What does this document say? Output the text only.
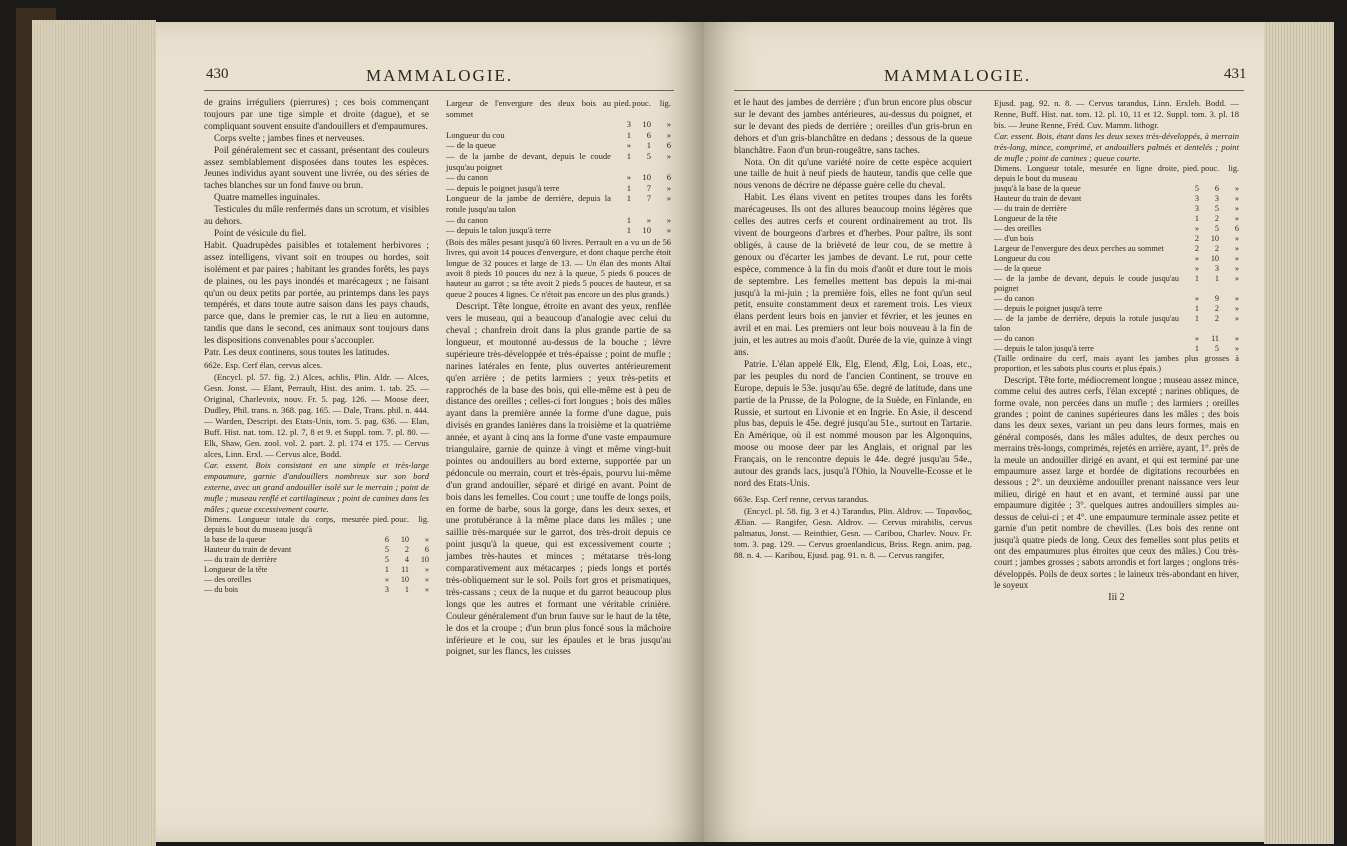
430	MAMMALOGIE.

de grains irréguliers (pierrures) ; ces bois commençant toujours par une tige simple et droite (dague), et se compliquant souvent ensuite d'andouillers et d'empaumures.

Corps svelte ; jambes fines et nerveuses.

Poil généralement sec et cassant, présentant des couleurs assez semblablement disposées dans toutes les espèces. Jeunes individus ayant souvent une livrée, ou des séries de taches blanches sur un fond fauve ou brun.

Quatre mamelles inguinales.

Testicules du mâle renfermés dans un scrotum, et visibles au dehors.

Point de vésicule du fiel.

Habit. Quadrupèdes paisibles et totalement herbivores ; assez intelligens, vivant soit en troupes ou hordes, soit isolément et par paires ; habitant les grandes forêts, les pays de plaines, ou les pays inondés et marécageux ; ne faisant qu'un ou deux petits par portée, au printemps dans les pays tempérés, et dans toute autre saison dans les pays chauds, parce que, dans le premier cas, le rut a lieu en automne, tandis que dans le second, ces animaux sont toujours dans les dispositions convenables pour s'accoupler.

Patr. Les deux continens, sous toutes les latitudes.

662e. Esp. Cerf élan, cervus alces.

(Encycl. pl. 57. fig. 2.) Alces, achlis, Plin. Aldr. — Alces, Gesn. Jonst. — Elant, Perrault, Hist. des anim. 1. tab. 25. — Original, Charlevoix, nouv. Fr. 5. pag. 126. — Moose deer, Dudley, Phil. trans. n. 368. pag. 165. — Dale, Trans. phil. n. 444. — Warden, Descript. des Etats-Unis, tom. 5. pag. 636. — Elan, Buff. Hist. nat. tom. 12. pl. 7, 8 et 9. et Suppl. tom. 7. pl. 80. — Elk, Shaw, Gen. zool. vol. 2. part. 2. pl. 174 et 175. — Cervus alces, Linn. Erxl. — Cervus alce, Bodd.

Car. essent. Bois consistant en une simple et très-large empaumure, garnie d'andouillers nombreux sur son bord externe, avec un grand andouiller isolé sur le merrain ; point de mufle ; museau renflé et cartilagineux ; point de canines dans les mâles ; queue excessivement courte.

Dimens. Longueur totale du corps, mesurée depuis le bout du museau jusqu'à	pied.	pouc.	lig.
la base de la queue	6	10	»
Hauteur du train de devant	5	2	6
— du train de derrière	5	4	10
Longueur de la tête	1	11	»
— des oreilles	»	10	»
— du bois	3	1	»
Largeur de l'envergure des deux bois au sommet	pied.	pouc.	lig.
	3	10	»
Longueur du cou	1	6	»
— de la queue	»	1	6
— de la jambe de devant, depuis le coude jusqu'au poignet	1	5	»
— du canon	»	10	6
— depuis le poignet jusqu'à terre	1	7	»
Longueur de la jambe de derrière, depuis la rotule jusqu'au talon	1	7	»
— du canon	1	»	»
— depuis le talon jusqu'à terre	1	10	»

(Bois des mâles pesant jusqu'à 60 livres. Perrault en a vu un de 56 livres, qui avoit 14 pouces d'envergure, et dont chaque perche étoit longue de 32 pouces et large de 13. — Un élan des monts Altaï avoit 8 pieds 10 pouces du nez à la queue, 5 pieds 6 pouces de hauteur au garrot ; sa tête avoit 2 pieds 5 pouces de hauteur, et sa queue 2 pouces 4 lignes. Ce n'étoit pas encore un des plus grands.)

Descript. Tête longue, étroite en avant des yeux, renflée vers le museau, qui a beaucoup d'analogie avec celui du cheval ; chanfrein droit dans la plus grande partie de sa longueur, et moutonné au-dessus de la bouche ; lèvre supérieure très-développée et très-épaisse ; point de mufle ; narines latérales en fente, plus ouvertes antérieurement qu'en arrière ; de petits larmiers ; yeux très-petits et rapprochés de la base des bois, qui elle-même est à peu de distance des oreilles ; celles-ci fort longues ; bois des mâles ayant dans la première année la forme d'une dague, puis divisés en grandes lanières dans la troisième et la quatrième année, et ayant à cinq ans la forme d'une vaste empaumure triangulaire, garnie de quinze à vingt et même vingt-huit pointes ou andouillers au bord externe, supportée par un pédoncule ou merrain, court et très-épais, pourvu lui-même d'un grand andouiller, séparé et dirigé en avant. Point de bois dans les femelles. Cou court ; une touffe de longs poils, en forme de barbe, sous la gorge, dans les deux sexes, et une protubérance à la même place dans les mâles ; une saillie très-marquée sur le garrot, dos très-droit depuis ce point jusqu'à la queue, qui est excessivement courte ; jambes très-hautes et minces ; métatarse très-long comparativement aux métacarpes ; pieds longs et portés très-obliquement sur le sol. Poils fort gros et prismatiques, très-cassans ; ceux de la nuque et du garrot beaucoup plus longs que les autres et formant une véritable crinière. Couleur généralement d'un brun fauve sur le haut de la tête, le dos et la croupe ; d'un brun plus foncé sous la mâchoire inférieure et le cou, sur les épaules et le bras jusqu'au poignet, sur les flancs, les cuisses

MAMMALOGIE.	431

et le haut des jambes de derrière ; d'un brun encore plus obscur sur le devant des jambes antérieures, au-dessus du poignet, et sur le devant des pieds de derrière ; oreilles d'un gris-brun en dehors et d'un gris-blanchâtre en dedans ; dessous de la queue blanchâtre. Faon d'un brun-rougeâtre, sans taches.

Nota. On dit qu'une variété noire de cette espèce acquiert une taille de huit à neuf pieds de hauteur, tandis que celle que nous venons de décrire ne dépasse guère celle du cheval.

Habit. Les élans vivent en petites troupes dans les forêts marécageuses. Ils ont des allures beaucoup moins légères que celles des autres cerfs et courent ordinairement au trot. Ils vivent de bourgeons d'arbres et d'herbes. Pour paître, ils sont obligés, à cause de la brièveté de leur cou, de se mettre à genoux ou d'écarter les jambes de devant. Le rut, pour cette espèce, commence à la fin du mois d'août et dure tout le mois de septembre. Les femelles mettent bas depuis la mi-mai jusqu'à la mi-juin ; la première fois, elles ne font qu'un seul petit, ensuite constamment deux et rarement trois. Les vieux élans perdent leurs bois en janvier et février, et les jeunes en avril et en mai. Les premiers ont leur bois nouveau à la fin de juin, et les autres au mois d'août. Durée de la vie, quinze à vingt ans.

Patrie. L'élan appelé Elk, Elg, Elend, Ælg, Loi, Loas, etc., par les peuples du nord de l'ancien Continent, se trouve en Europe, depuis le 53e. jusqu'au 65e. degré de latitude, dans une partie de la Prusse, de la Pologne, de la Suède, en Finlande, en Russie, et surtout en Livonie et en Ingrie. En Asie, il descend plus bas, depuis le 45e. degré jusqu'au 51e., surtout en Tartarie. En Amérique, où il est nommé mouson par les Algonquins, moose ou moose deer par les Anglais, et orignal par les Français, on le rencontre depuis le 44e. degré jusqu'au 54e., autour des grands lacs, jusqu'à l'Ohio, la Nouvelle-Ecosse et le nord des Etats-Unis.

663e. Esp. Cerf renne, cervus tarandus.

(Encycl. pl. 58. fig. 3 et 4.) Tarandus, Plin. Aldrov. — Ταρανδος, Ælian. — Rangifer, Gesn. Aldrov. — Cervus mirabilis, cervus palmatus, Jonst. — Reinthier, Gesn. — Caribou, Charlev. Nouv. Fr. tom. 3. pag. 129. — Cervus groenlandicus, Briss. Regn. anim. pag. 88. n. 4. — Karibou, Ejusd. pag. 91. n. 8. — Cervus rangifer,

Ejusd. pag. 92. n. 8. — Cervus tarandus, Linn. Erxleb. Bodd. — Renne, Buff. Hist. nat. tom. 12. pl. 10, 11 et 12. Suppl. tom. 3. pl. 18 bis. — Jeune Renne, Fréd. Cuv. Mamm. lithogr.

Car. essent. Bois, étant dans les deux sexes très-développés, à merrain très-long, mince, comprimé, et andouillers palmés et dentelés ; point de mufle ; point de canines ; queue courte.

Dimens. Longueur totale, mesurée en ligne droite, depuis le bout du museau	pied.	pouc.	lig.
jusqu'à la base de la queue	5	6	»
Hauteur du train de devant	3	3	»
— du train de derrière	3	5	»
Longueur de la tête	1	2	»
— des oreilles	»	5	6
— d'un bois	2	10	»
Largeur de l'envergure des deux perches au sommet	2	2	»
Longueur du cou	»	10	»
— de la queue	»	3	»
— de la jambe de devant, depuis le coude jusqu'au poignet	1	1	»
— du canon	»	9	»
— depuis le poignet jusqu'à terre	1	2	»
— de la jambe de derrière, depuis la rotule jusqu'au talon	1	2	»
— du canon	»	11	»
— depuis le talon jusqu'à terre	1	5	»

(Taille ordinaire du cerf, mais ayant les jambes plus grosses à proportion, et les sabots plus courts et plus épais.)

Descript. Tête forte, médiocrement longue ; museau assez mince, comme celui des autres cerfs, l'élan excepté ; narines obliques, de forme ovale, non percées dans un mufle ; des larmiers ; oreilles grandes ; point de canines supérieures dans les mâles ; des bois dans les deux sexes, variant un peu dans leurs formes, mais en général composés, dans les mâles adultes, de deux perches ou merrains très-longs, comprimés, rejetés en arrière, ayant, 1°. près de la meule un andouiller dirigé en avant, et qui est terminé par une empaumure assez large et bordée de digitations recourbées en dessous ; 2°. un deuxième andouiller prenant naissance vers leur milieu, dirigé en haut et en avant, et terminé aussi par une empaumure digitée ; 3°. quelques autres andouillers simples au-dessus de celui-ci ; et 4°. une empaumure terminale assez petite et garnie d'un petit nombre de chevilles. (Les bois des renne ont jusqu'à quatre pieds de long. Ceux des femelles sont plus petits et ont des empaumures plus étroites que ceux des mâles.) Cou très-court ; jambes grosses ; sabots arrondis et fort larges ; onglons très-développés. Poils de deux sortes ; le laineux très-abondant en hiver, le soyeux

Iii 2
